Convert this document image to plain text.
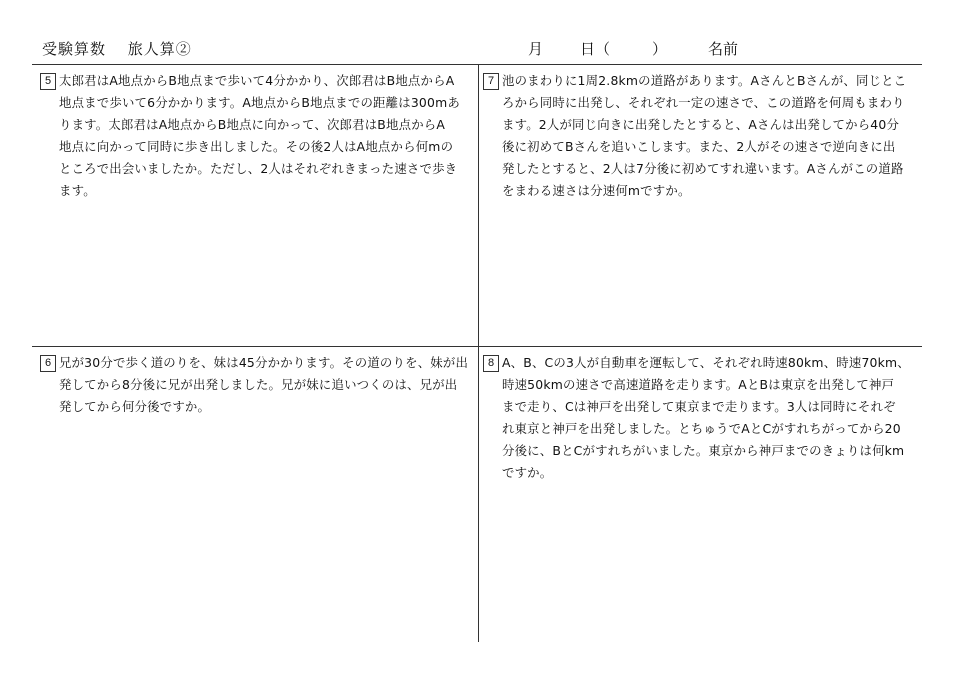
受験算数 旅人算②	月 日（	）	名前
5 太郎君はA地点からB地点まで歩いて4分かかり、次郎君はB地点からA
地点まで歩いて6分かかります。A地点からB地点までの距離は300mあ
ります。太郎君はA地点からB地点に向かって、次郎君はB地点からA
地点に向かって同時に歩き出しました。その後2人はA地点から何mの
ところで出会いましたか。ただし、2人はそれぞれきまった速さで歩き
ます。
7 池のまわりに1周2.8kmの道路があります。AさんとBさんが、同じとこ
ろから同時に出発し、それぞれ一定の速さで、この道路を何周もまわり
ます。2人が同じ向きに出発したとすると、Aさんは出発してから40分
後に初めてBさんを追いこします。また、2人がその速さで逆向きに出
発したとすると、2人は7分後に初めてすれ違います。Aさんがこの道路
をまわる速さは分速何mですか。
6 兄が30分で歩く道のりを、妹は45分かかります。その道のりを、妹が出
発してから8分後に兄が出発しました。兄が妹に追いつくのは、兄が出
発してから何分後ですか。
8 A、B、Cの3人が自動車を運転して、それぞれ時速80km、時速70km、
時速50kmの速さで高速道路を走ります。AとBは東京を出発して神戸
まで走り、Cは神戸を出発して東京まで走ります。3人は同時にそれぞ
れ東京と神戸を出発しました。とちゅうでAとCがすれちがってから20
分後に、BとCがすれちがいました。東京から神戸までのきょりは何km
ですか。
